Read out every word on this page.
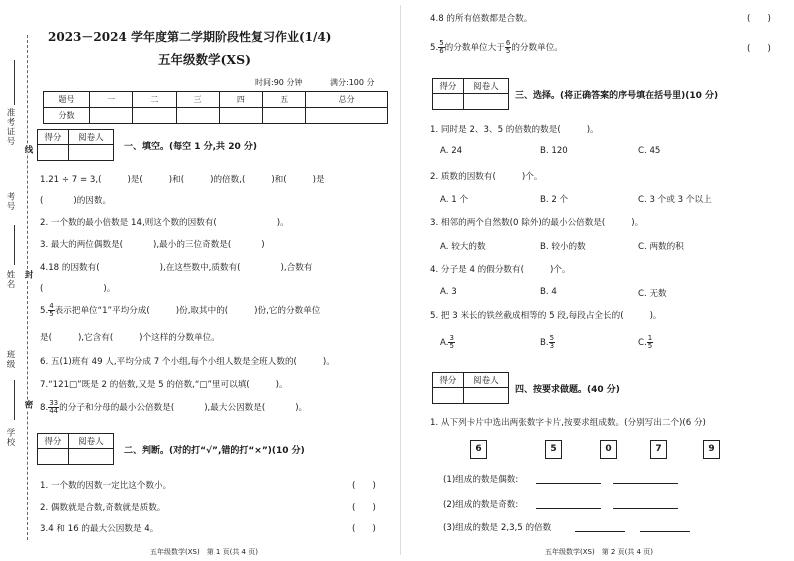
准考证号
考号
姓名
班级
学校
线
封
密
2023－2024 学年度第二学期阶段性复习作业(1/4)
五年级数学(XS)
时间:90 分钟	满分:100 分
题号	一	二	三	四	五	总分
分数						
得分	阅卷人

一、填空。(每空 1 分,共 20 分)
1.21 ÷ 7 = 3,(	)是(	)和(	)的倍数,(	)和(	)是
(	)的因数。
2. 一个数的最小倍数是 14,则这个数的因数有(	)。
3. 最大的两位偶数是(	),最小的三位奇数是(	)
4.18 的因数有(	),在这些数中,质数有(	),合数有
(	)。
5. $\frac{4}{5}$ 表示把单位“1”平均分成(	)份,取其中的(	)份,它的分数单位
是(	),它含有(	)个这样的分数单位。
6. 五(1)班有 49 人,平均分成 7 个小组,每个小组人数是全班人数的(	)。
7.“121□”既是 2 的倍数,又是 5 的倍数,“□”里可以填(	)。
8. $\frac{33}{44}$ 的分子和分母的最小公倍数是(	),最大公因数是(	)。
得分	阅卷人

二、判断。(对的打“√”,错的打“×”)(10 分)
1. 一个数的因数一定比这个数小。	(　　)
2. 偶数就是合数,奇数就是质数。	(　　)
3.4 和 16 的最大公因数是 4。	(　　)
五年级数学(XS)　第 1 页(共 4 页)
4.8 的所有倍数都是合数。	(　　)
5. $\frac{5}{6}$ 的分数单位大于 $\frac{6}{5}$ 的分数单位。	(　　)
得分	阅卷人

三、选择。(将正确答案的序号填在括号里)(10 分)
1. 同时是 2、3、5 的倍数的数是(	)。
A. 24	B. 120	C. 45
2. 质数的因数有(	)个。
A. 1 个	B. 2 个	C. 3 个或 3 个以上
3. 相邻的两个自然数(0 除外)的最小公倍数是(	)。
A. 较大的数	B. 较小的数	C. 两数的积
4. 分子是 4 的假分数有(	)个。
A. 3	B. 4	C. 无数
5. 把 3 米长的铁丝截成相等的 5 段,每段占全长的(	)。
A. $\frac{3}{5}$	B. $\frac{5}{3}$	C. $\frac{1}{5}$
得分	阅卷人

四、按要求做题。(40 分)
1. 从下列卡片中选出两张数字卡片,按要求组成数。(分别写出二个)(6 分)
6	5	0	7	9
(1)组成的数是偶数:
(2)组成的数是奇数:
(3)组成的数是 2,3,5 的倍数
五年级数学(XS)　第 2 页(共 4 页)
